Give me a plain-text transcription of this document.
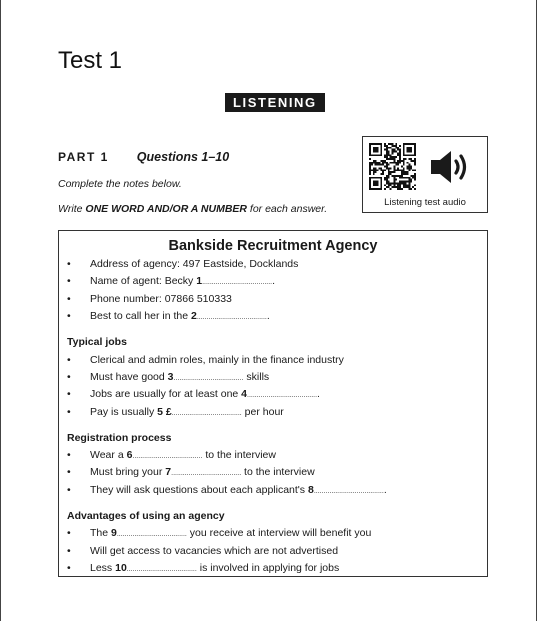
Test 1
LISTENING
PART 1 Questions 1–10
Complete the notes below.
Write ONE WORD AND/OR A NUMBER for each answer.
Listening test audio
Bankside Recruitment Agency
• Address of agency: 497 Eastside, Docklands
• Name of agent: Becky 1.....................................
• Phone number: 07866 510333
• Best to call her in the 2.....................................
Typical jobs
• Clerical and admin roles, mainly in the finance industry
• Must have good 3.................................... skills
• Jobs are usually for at least one 4.....................................
• Pay is usually 5 £.................................... per hour
Registration process
• Wear a 6.................................... to the interview
• Must bring your 7.................................... to the interview
• They will ask questions about each applicant's 8.....................................
Advantages of using an agency
• The 9.................................... you receive at interview will benefit you
• Will get access to vacancies which are not advertised
• Less 10.................................... is involved in applying for jobs
